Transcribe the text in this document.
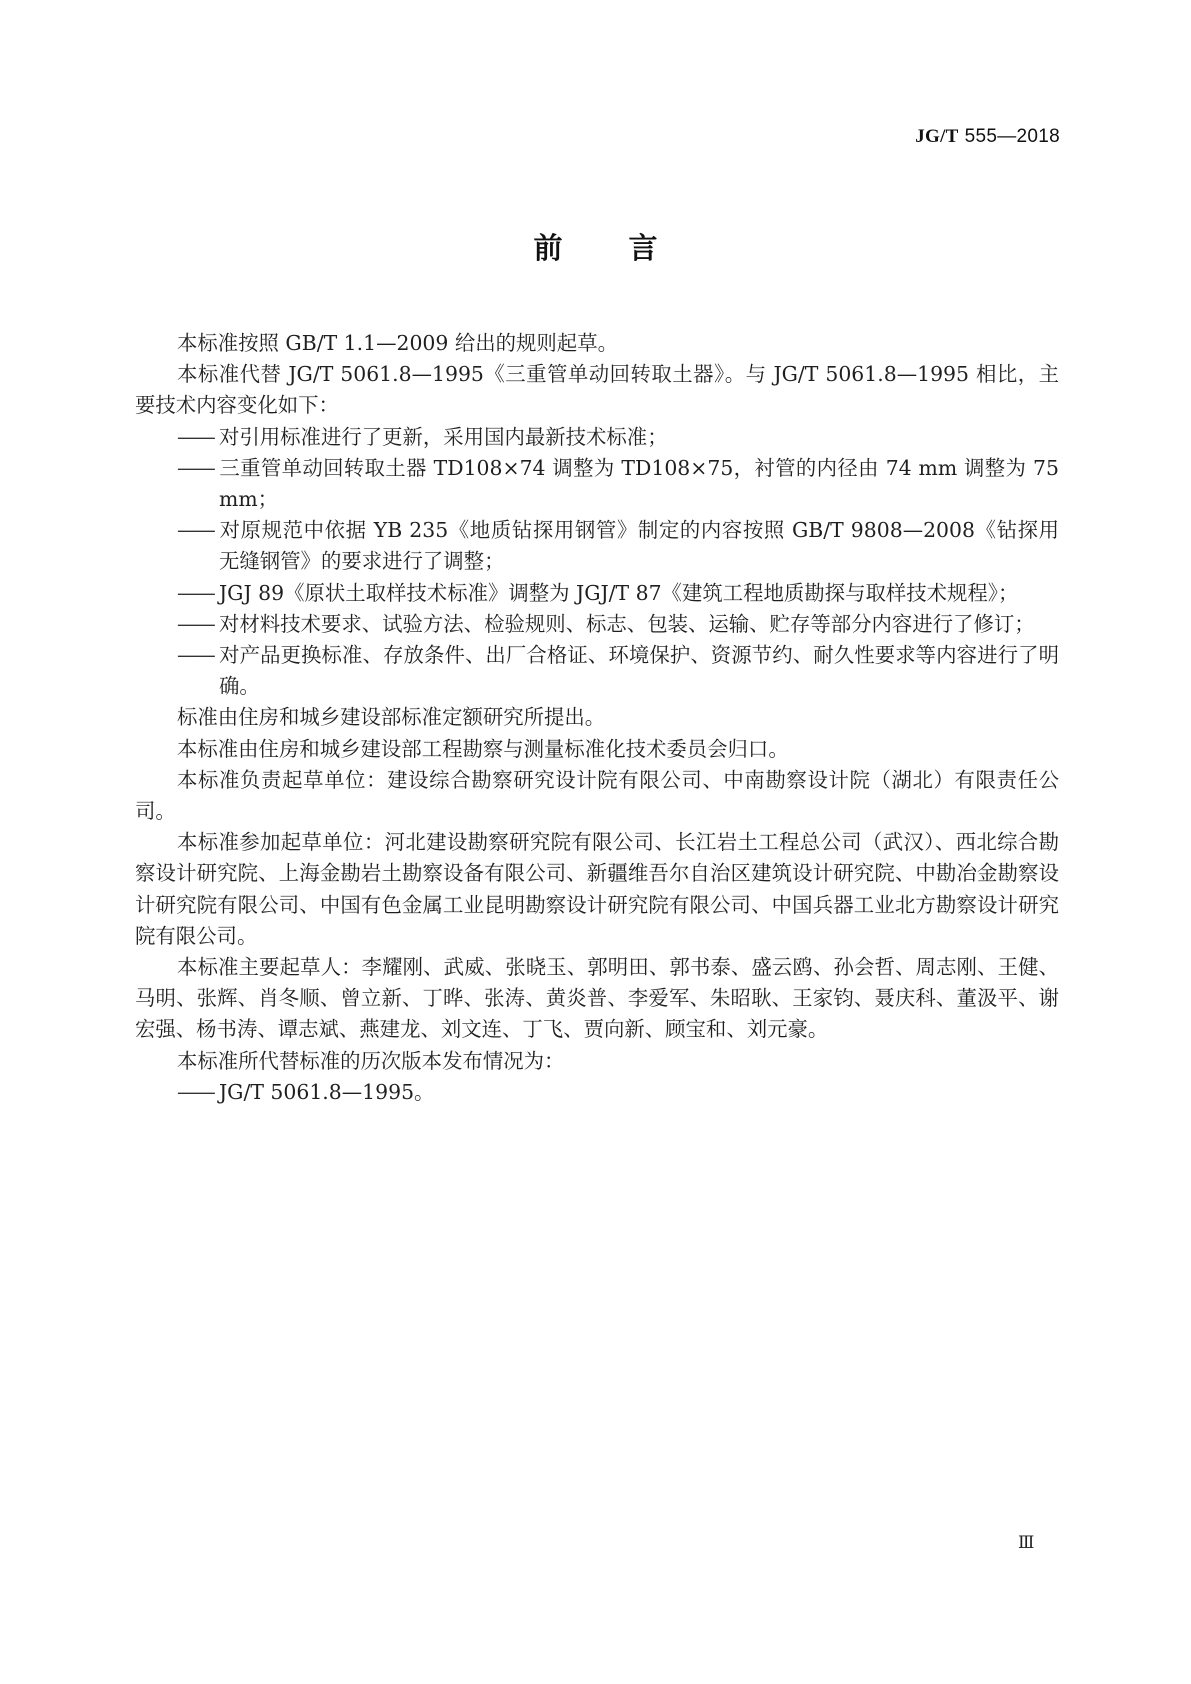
JG/T 555—2018
前 言

本标准按照 GB/T 1.1—2009 给出的规则起草。

本标准代替 JG/T 5061.8—1995《三重管单动回转取土器》。与 JG/T 5061.8—1995 相比，主要技术内容变化如下：

—— 对引用标准进行了更新，采用国内最新技术标准；

—— 三重管单动回转取土器 TD108×74 调整为 TD108×75，衬管的内径由 74 mm 调整为 75 mm；

—— 对原规范中依据 YB 235《地质钻探用钢管》制定的内容按照 GB/T 9808—2008《钻探用无缝钢管》的要求进行了调整；

—— JGJ 89《原状土取样技术标准》调整为 JGJ/T 87《建筑工程地质勘探与取样技术规程》；

—— 对材料技术要求、试验方法、检验规则、标志、包装、运输、贮存等部分内容进行了修订；

—— 对产品更换标准、存放条件、出厂合格证、环境保护、资源节约、耐久性要求等内容进行了明确。

标准由住房和城乡建设部标准定额研究所提出。

本标准由住房和城乡建设部工程勘察与测量标准化技术委员会归口。

本标准负责起草单位：建设综合勘察研究设计院有限公司、中南勘察设计院（湖北）有限责任公司。

本标准参加起草单位：河北建设勘察研究院有限公司、长江岩土工程总公司（武汉）、西北综合勘察设计研究院、上海金勘岩土勘察设备有限公司、新疆维吾尔自治区建筑设计研究院、中勘冶金勘察设计研究院有限公司、中国有色金属工业昆明勘察设计研究院有限公司、中国兵器工业北方勘察设计研究院有限公司。

本标准主要起草人：李耀刚、武威、张晓玉、郭明田、郭书泰、盛云鸥、孙会哲、周志刚、王健、马明、张辉、肖冬顺、曾立新、丁晔、张涛、黄炎普、李爱军、朱昭耿、王家钧、聂庆科、董汲平、谢宏强、杨书涛、谭志斌、燕建龙、刘文连、丁飞、贾向新、顾宝和、刘元豪。

本标准所代替标准的历次版本发布情况为：

—— JG/T 5061.8—1995。

Ⅲ
